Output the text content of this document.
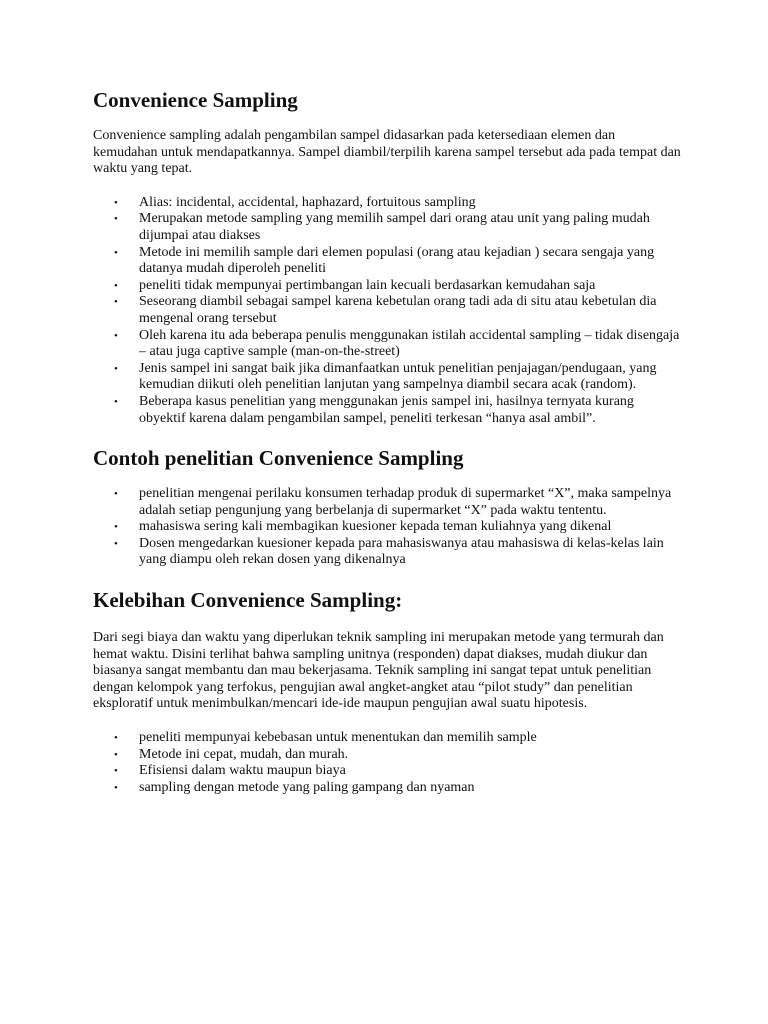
Convenience Sampling

Convenience sampling adalah pengambilan sampel didasarkan pada ketersediaan elemen dan kemudahan untuk mendapatkannya. Sampel diambil/terpilih karena sampel tersebut ada pada tempat dan waktu yang tepat.

• Alias: incidental, accidental, haphazard, fortuitous sampling
• Merupakan metode sampling yang memilih sampel dari orang atau unit yang paling mudah dijumpai atau diakses
• Metode ini memilih sample dari elemen populasi (orang atau kejadian ) secara sengaja yang datanya mudah diperoleh peneliti
• peneliti tidak mempunyai pertimbangan lain kecuali berdasarkan kemudahan saja
• Seseorang diambil sebagai sampel karena kebetulan orang tadi ada di situ atau kebetulan dia mengenal orang tersebut
• Oleh karena itu ada beberapa penulis menggunakan istilah accidental sampling – tidak disengaja – atau juga captive sample (man-on-the-street)
• Jenis sampel ini sangat baik jika dimanfaatkan untuk penelitian penjajagan/pendugaan, yang kemudian diikuti oleh penelitian lanjutan yang sampelnya diambil secara acak (random).
• Beberapa kasus penelitian yang menggunakan jenis sampel ini, hasilnya ternyata kurang obyektif karena dalam pengambilan sampel, peneliti terkesan “hanya asal ambil”.
Contoh penelitian Convenience Sampling
• penelitian mengenai perilaku konsumen terhadap produk di supermarket “X”, maka sampelnya adalah setiap pengunjung yang berbelanja di supermarket “X” pada waktu tententu.
• mahasiswa sering kali membagikan kuesioner kepada teman kuliahnya yang dikenal
• Dosen mengedarkan kuesioner kepada para mahasiswanya atau mahasiswa di kelas-kelas lain yang diampu oleh rekan dosen yang dikenalnya
Kelebihan Convenience Sampling:

Dari segi biaya dan waktu yang diperlukan teknik sampling ini merupakan metode yang termurah dan hemat waktu. Disini terlihat bahwa sampling unitnya (responden) dapat diakses, mudah diukur dan biasanya sangat membantu dan mau bekerjasama. Teknik sampling ini sangat tepat untuk penelitian dengan kelompok yang terfokus, pengujian awal angket-angket atau “pilot study” dan penelitian eksploratif untuk menimbulkan/mencari ide-ide maupun pengujian awal suatu hipotesis.

• peneliti mempunyai kebebasan untuk menentukan dan memilih sample
• Metode ini cepat, mudah, dan murah.
• Efisiensi dalam waktu maupun biaya
• sampling dengan metode yang paling gampang dan nyaman
